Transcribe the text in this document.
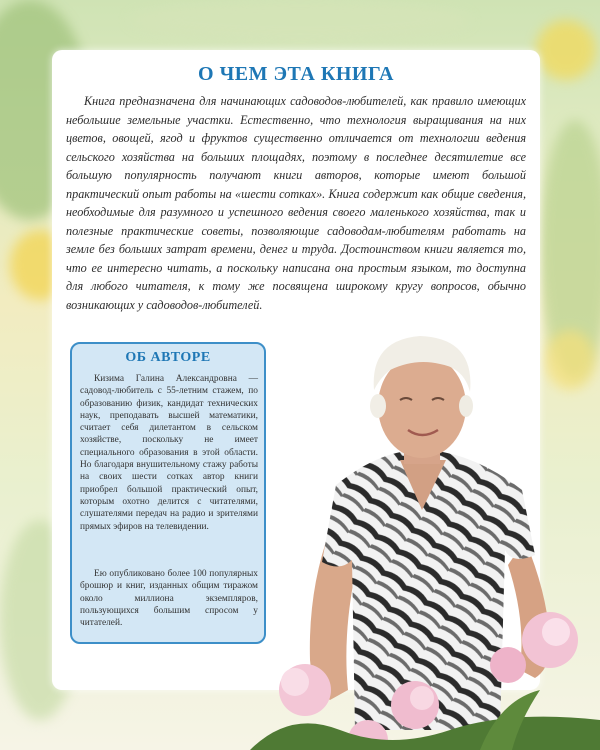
О ЧЕМ ЭТА КНИГА

Книга предназначена для начинающих садоводов-любителей, как правило имеющих небольшие земельные участки. Естественно, что технология выращивания на них цветов, овощей, ягод и фруктов существенно отличается от технологии ведения сельского хозяйства на больших площадях, поэтому в последнее десятилетие все большую популярность получают книги авторов, которые имеют большой практический опыт работы на «шести сотках». Книга содержит как общие сведения, необходимые для разумного и успешного ведения своего маленького хозяйства, так и полезные практические советы, позволяющие садоводам-любителям работать на земле без больших затрат времени, денег и труда. Достоинством книги является то, что ее интересно читать, а поскольку написана она простым языком, то доступна для любого читателя, к тому же посвящена широкому кругу вопросов, обычно возникающих у садоводов-любителей.

ОБ АВТОРЕ

Кизима Галина Александровна — садовод-любитель с 55-летним стажем, по образованию физик, кандидат технических наук, преподавать высшей математики, считает себя дилетантом в сельском хозяйстве, поскольку не имеет специального образования в этой области. Но благодаря внушительному стажу работы на своих шести сотках автор книги приобрел большой практический опыт, которым охотно делится с читателями, слушателями передач на радио и зрителями прямых эфиров на телевидении.

Ею опубликовано более 100 популярных брошюр и книг, изданных общим тиражом около миллиона экземпляров, пользующихся большим спросом у читателей.
